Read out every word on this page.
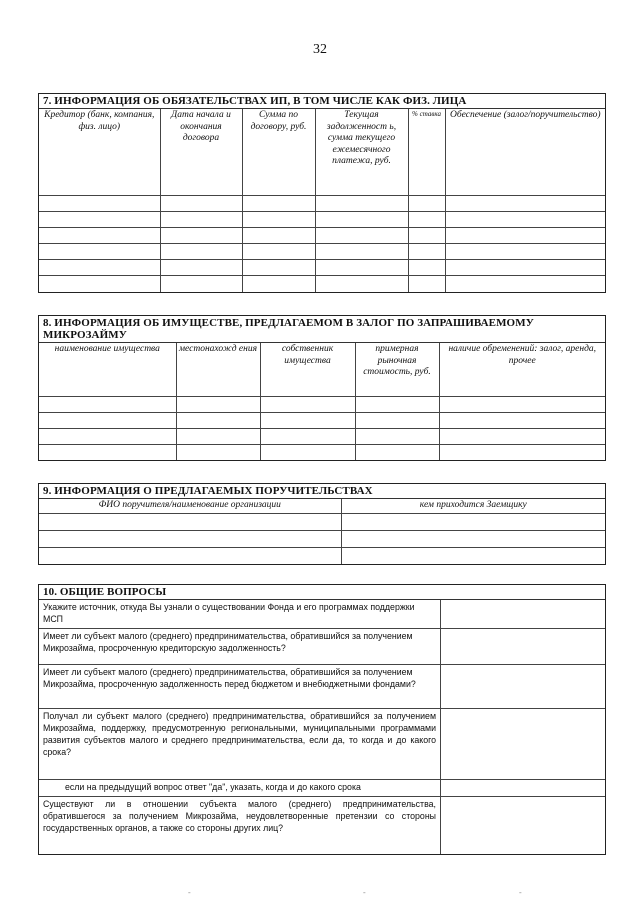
32
7. ИНФОРМАЦИЯ ОБ ОБЯЗАТЕЛЬСТВАХ ИП, В ТОМ ЧИСЛЕ КАК ФИЗ. ЛИЦА
Кредитор (банк, компания, физ. лицо)	Дата начала и окончания договора	Сумма по договору, руб.	Текущая задолженност ь, сумма текущего ежемесячного платежа, руб.	% ставка	Обеспечение (залог/поручительство)

8. ИНФОРМАЦИЯ ОБ ИМУЩЕСТВЕ, ПРЕДЛАГАЕМОМ В ЗАЛОГ ПО ЗАПРАШИВАЕМОМУ МИКРОЗАЙМУ
наименование имущества	местонахожд ения	собственник имущества	примерная рыночная стоимость, руб.	наличие обременений: залог, аренда, прочее

9. ИНФОРМАЦИЯ О ПРЕДЛАГАЕМЫХ ПОРУЧИТЕЛЬСТВАХ
ФИО поручителя/наименование организации	кем приходится Заемщику

10. ОБЩИЕ ВОПРОСЫ
Укажите источник, откуда Вы узнали о существовании Фонда и его программах поддержки МСП	
Имеет ли субъект малого (среднего) предпринимательства, обратившийся за получением Микрозайма, просроченную кредиторскую задолженность?	
Имеет ли субъект малого (среднего) предпринимательства, обратившийся за получением Микрозайма, просроченную задолженность перед бюджетом и внебюджетными фондами?	
Получал ли субъект малого (среднего) предпринимательства, обратившийся за получением Микрозайма, поддержку, предусмотренную региональными, муниципальными программами развития субъектов малого и среднего предпринимательства, если да, то когда и до какого срока?	
если на предыдущий вопрос ответ "да", указать, когда и до какого срока	
Существуют ли в отношении субъекта малого (среднего) предпринимательства, обратившегося за получением Микрозайма, неудовлетворенные претензии со стороны государственных органов, а также со стороны других лиц?	
-	-	-
